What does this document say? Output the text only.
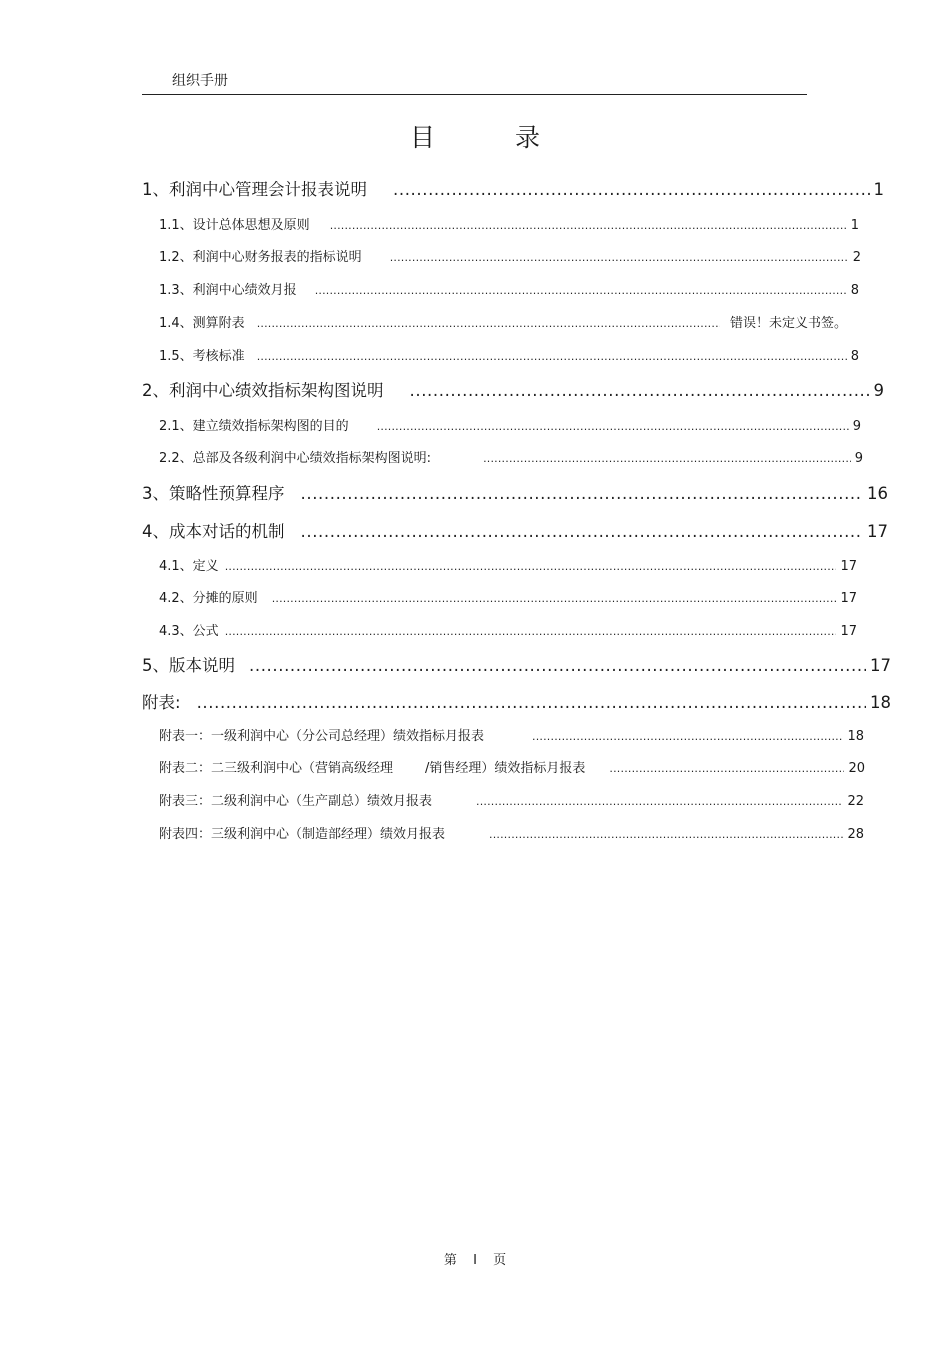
组织手册
目 录
1、利润中心管理会计报表说明 .....	1
1.1、设计总体思想及原则 .....	1
1.2、利润中心财务报表的指标说明 .....	2
1.3、利润中心绩效月报 .....	8
1.4、测算附表 .....	错误！未定义书签。
1.5、考核标准 .....	8
2、利润中心绩效指标架构图说明 .....	9
2.1、建立绩效指标架构图的目的 .....	9
2.2、总部及各级利润中心绩效指标架构图说明: .....	9
3、策略性预算程序 .....	16
4、成本对话的机制 .....	17
4.1、定义 .....	17
4.2、分摊的原则 .....	17
4.3、公式 .....	17
5、版本说明 .....	17
附表: .....	18
附表一：一级利润中心（分公司总经理）绩效指标月报表 .....	18
附表二：二三级利润中心（营销高级经理 /销售经理）绩效指标月报表 .....	20
附表三：二级利润中心（生产副总）绩效月报表 .....	22
附表四：三级利润中心（制造部经理）绩效月报表 .....	28
第 I 页
